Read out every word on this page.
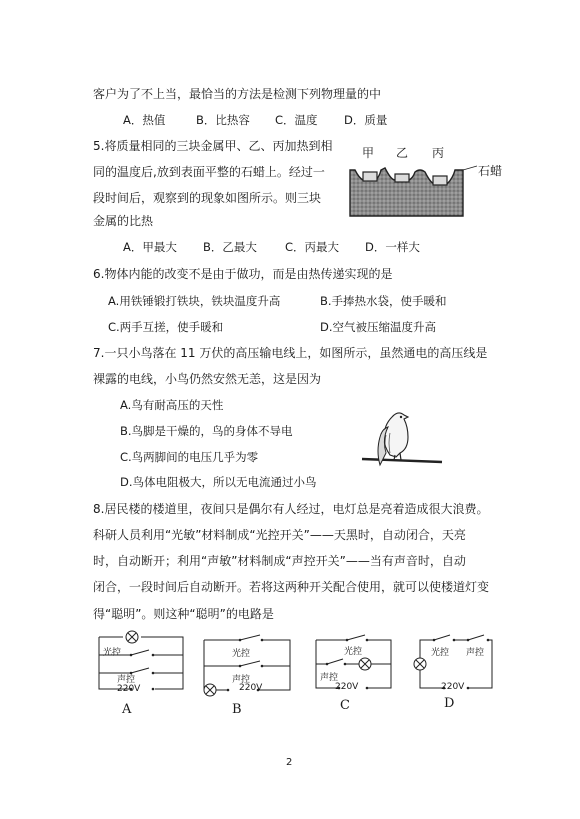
客户为了不上当，最恰当的方法是检测下列物理量的中
A．热值	B．比热容 C．温度 D．质量
5.将质量相同的三块金属甲、乙、丙加热到相
同的温度后,放到表面平整的石蜡上。经过一
段时间后，观察到的现象如图所示。则三块
金属的比热
甲 乙 丙
石蜡
A．甲最大 B．乙最大 C．丙最大 D．一样大
6.物体内能的改变不是由于做功，而是由热传递实现的是
A.用铁锤锻打铁块，铁块温度升高	B.手捧热水袋，使手暖和
C.两手互搓，使手暖和	D.空气被压缩温度升高
7.一只小鸟落在 11 万伏的高压输电线上，如图所示，虽然通电的高压线是
裸露的电线，小鸟仍然安然无恙，这是因为
A.鸟有耐高压的天性
B.鸟脚是干燥的，鸟的身体不导电
C.鸟两脚间的电压几乎为零
D.鸟体电阻极大，所以无电流通过小鸟
8.居民楼的楼道里，夜间只是偶尔有人经过，电灯总是亮着造成很大浪费。
科研人员利用“光敏”材料制成“光控开关”——天黑时，自动闭合，天亮
时，自动断开；利用“声敏”材料制成“声控开关”——当有声音时，自动
闭合，一段时间后自动断开。若将这两种开关配合使用，就可以使楼道灯变
得“聪明”。则这种“聪明”的电路是
光控
声控
220V
A
光控
声控
220V
B
光控
声控
220V
C
光控 声控
220V
D
2
